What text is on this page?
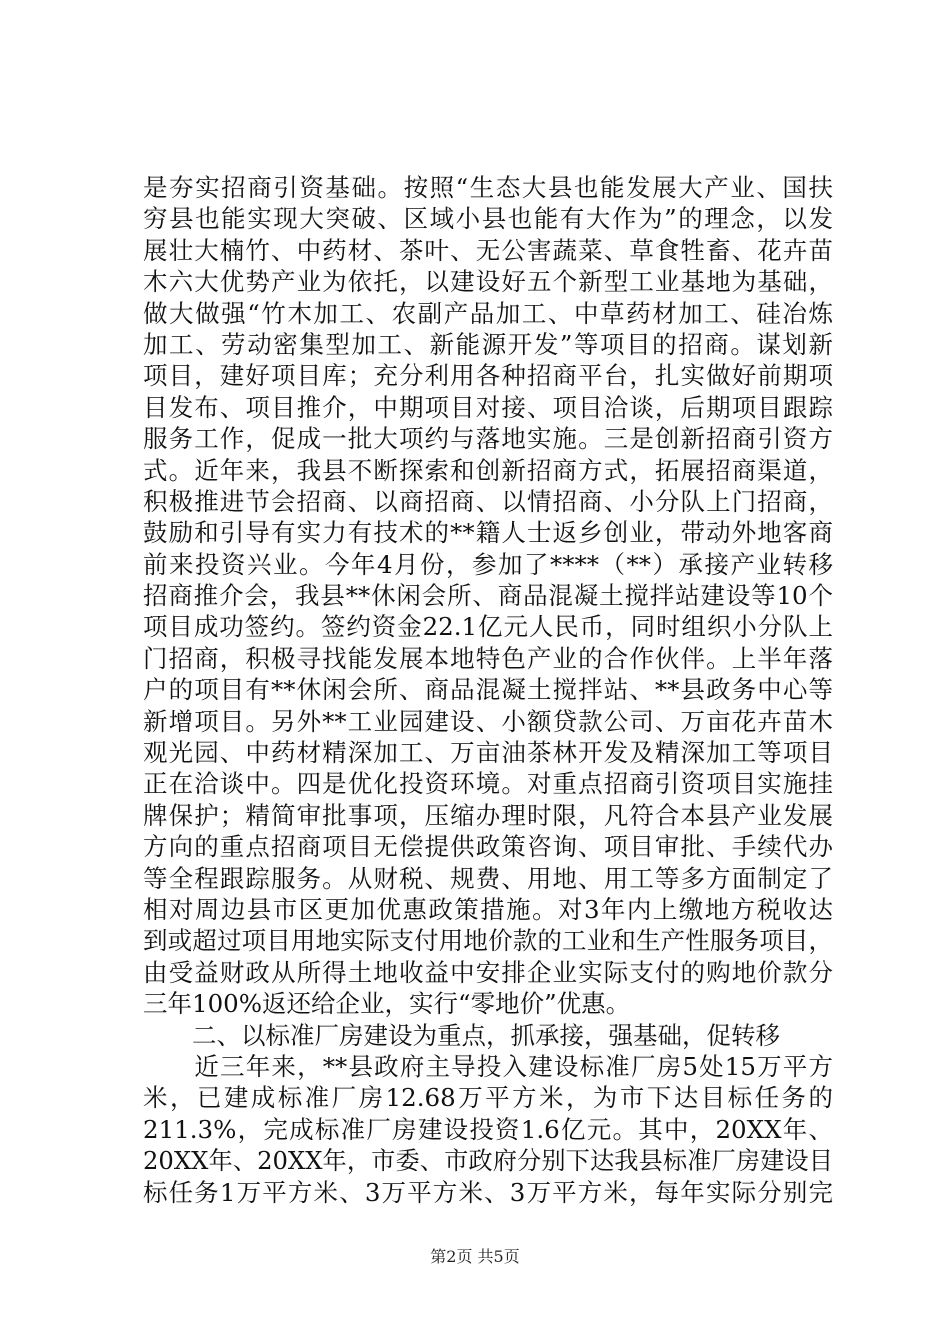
是夯实招商引资基础。按照“生态大县也能发展大产业、国扶
穷县也能实现大突破、区域小县也能有大作为”的理念，以发
展壮大楠竹、中药材、茶叶、无公害蔬菜、草食牲畜、花卉苗
木六大优势产业为依托，以建设好五个新型工业基地为基础，
做大做强“竹木加工、农副产品加工、中草药材加工、硅冶炼
加工、劳动密集型加工、新能源开发”等项目的招商。谋划新
项目，建好项目库；充分利用各种招商平台，扎实做好前期项
目发布、项目推介，中期项目对接、项目洽谈，后期项目跟踪
服务工作，促成一批大项约与落地实施。三是创新招商引资方
式。近年来，我县不断探索和创新招商方式，拓展招商渠道，
积极推进节会招商、以商招商、以情招商、小分队上门招商，
鼓励和引导有实力有技术的**籍人士返乡创业，带动外地客商
前来投资兴业。今年4月份，参加了****（**）承接产业转移
招商推介会，我县**休闲会所、商品混凝土搅拌站建设等10个
项目成功签约。签约资金22.1亿元人民币，同时组织小分队上
门招商，积极寻找能发展本地特色产业的合作伙伴。上半年落
户的项目有**休闲会所、商品混凝土搅拌站、**县政务中心等
新增项目。另外**工业园建设、小额贷款公司、万亩花卉苗木
观光园、中药材精深加工、万亩油茶林开发及精深加工等项目
正在洽谈中。四是优化投资环境。对重点招商引资项目实施挂
牌保护；精简审批事项，压缩办理时限，凡符合本县产业发展
方向的重点招商项目无偿提供政策咨询、项目审批、手续代办
等全程跟踪服务。从财税、规费、用地、用工等多方面制定了
相对周边县市区更加优惠政策措施。对3年内上缴地方税收达
到或超过项目用地实际支付用地价款的工业和生产性服务项目，
由受益财政从所得土地收益中安排企业实际支付的购地价款分
三年100%返还给企业，实行“零地价”优惠。
　　二、以标准厂房建设为重点，抓承接，强基础，促转移
　　近三年来，**县政府主导投入建设标准厂房5处15万平方
米，已建成标准厂房12.68万平方米，为市下达目标任务的
211.3%，完成标准厂房建设投资1.6亿元。其中，20XX年、
20XX年、20XX年，市委、市政府分别下达我县标准厂房建设目
标任务1万平方米、3万平方米、3万平方米，每年实际分别完
第2页 共5页
